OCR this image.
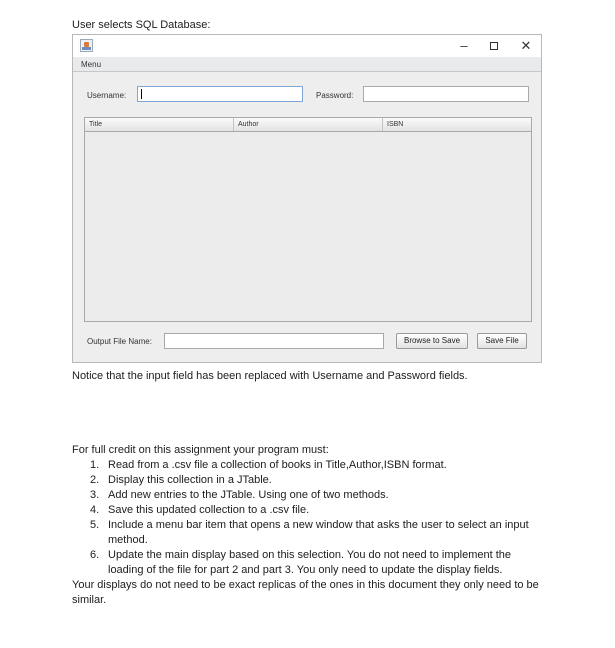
User selects SQL Database:
–	✕
Menu
Username:	Password:
Title	Author	ISBN
Output File Name:	Browse to Save	Save File
Notice that the input field has been replaced with Username and Password fields.
For full credit on this assignment your program must:
1. Read from a .csv file a collection of books in Title,Author,ISBN format.
2. Display this collection in a JTable.
3. Add new entries to the JTable. Using one of two methods.
4. Save this updated collection to a .csv file.
5. Include a menu bar item that opens a new window that asks the user to select an input
method.
6. Update the main display based on this selection. You do not need to implement the
loading of the file for part 2 and part 3. You only need to update the display fields.
Your displays do not need to be exact replicas of the ones in this document they only need to be
similar.
